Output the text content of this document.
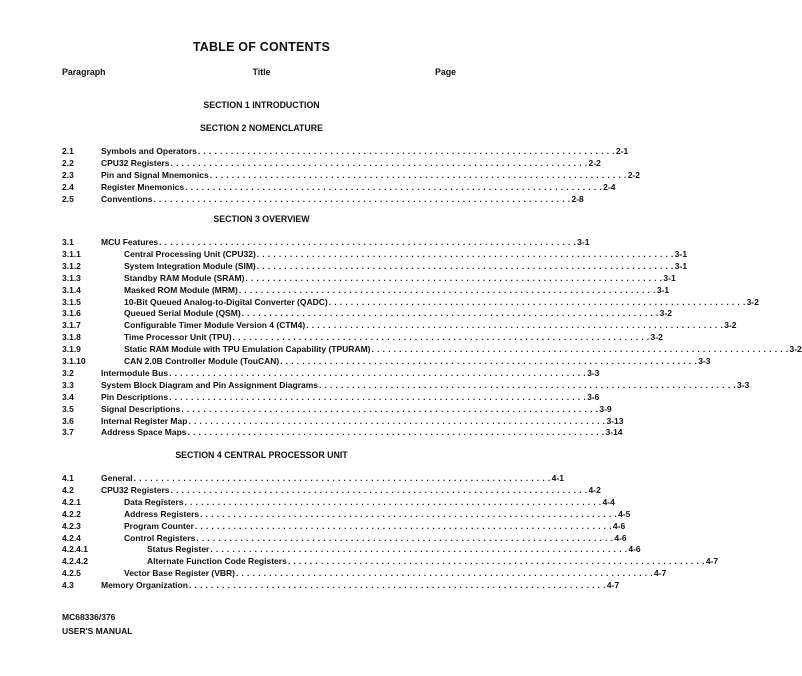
TABLE OF CONTENTS
Paragraph	Title	Page
SECTION 1 INTRODUCTION
SECTION 2 NOMENCLATURE
2.1	Symbols and Operators . . . . . . . . . . . . . . . . . . . . . . . . . . . . . . . . . . . . . . . . . . . . . . . . . . . . . . . . . . . . . . . . . . . . . . . . . . . . 2-1
2.2	CPU32 Registers . . . . . . . . . . . . . . . . . . . . . . . . . . . . . . . . . . . . . . . . . . . . . . . . . . . . . . . . . . . . . . . . . . . . . . . . . . . . 2-2
2.3	Pin and Signal Mnemonics . . . . . . . . . . . . . . . . . . . . . . . . . . . . . . . . . . . . . . . . . . . . . . . . . . . . . . . . . . . . . . . . . . . . . . . . . . . . 2-2
2.4	Register Mnemonics . . . . . . . . . . . . . . . . . . . . . . . . . . . . . . . . . . . . . . . . . . . . . . . . . . . . . . . . . . . . . . . . . . . . . . . . . . . . 2-4
2.5	Conventions . . . . . . . . . . . . . . . . . . . . . . . . . . . . . . . . . . . . . . . . . . . . . . . . . . . . . . . . . . . . . . . . . . . . . . . . . . . . 2-8
SECTION 3 OVERVIEW
3.1	MCU Features . . . . . . . . . . . . . . . . . . . . . . . . . . . . . . . . . . . . . . . . . . . . . . . . . . . . . . . . . . . . . . . . . . . . . . . . . . . . 3-1
3.1.1	Central Processing Unit (CPU32) . . . . . . . . . . . . . . . . . . . . . . . . . . . . . . . . . . . . . . . . . . . . . . . . . . . . . . . . . . . . . . . . . . . . . . . . . . . . 3-1
3.1.2	System Integration Module (SIM) . . . . . . . . . . . . . . . . . . . . . . . . . . . . . . . . . . . . . . . . . . . . . . . . . . . . . . . . . . . . . . . . . . . . . . . . . . . . 3-1
3.1.3	Standby RAM Module (SRAM) . . . . . . . . . . . . . . . . . . . . . . . . . . . . . . . . . . . . . . . . . . . . . . . . . . . . . . . . . . . . . . . . . . . . . . . . . . . . 3-1
3.1.4	Masked ROM Module (MRM) . . . . . . . . . . . . . . . . . . . . . . . . . . . . . . . . . . . . . . . . . . . . . . . . . . . . . . . . . . . . . . . . . . . . . . . . . . . . 3-1
3.1.5	10-Bit Queued Analog-to-Digital Converter (QADC) . . . . . . . . . . . . . . . . . . . . . . . . . . . . . . . . . . . . . . . . . . . . . . . . . . . . . . . . . . . . . . . . . . . . . . . . . . . . 3-2
3.1.6	Queued Serial Module (QSM) . . . . . . . . . . . . . . . . . . . . . . . . . . . . . . . . . . . . . . . . . . . . . . . . . . . . . . . . . . . . . . . . . . . . . . . . . . . . 3-2
3.1.7	Configurable Timer Module Version 4 (CTM4) . . . . . . . . . . . . . . . . . . . . . . . . . . . . . . . . . . . . . . . . . . . . . . . . . . . . . . . . . . . . . . . . . . . . . . . . . . . . 3-2
3.1.8	Time Processor Unit (TPU) . . . . . . . . . . . . . . . . . . . . . . . . . . . . . . . . . . . . . . . . . . . . . . . . . . . . . . . . . . . . . . . . . . . . . . . . . . . . 3-2
3.1.9	Static RAM Module with TPU Emulation Capability (TPURAM) . . . . . . . . . . . . . . . . . . . . . . . . . . . . . . . . . . . . . . . . . . . . . . . . . . . . . . . . . . . . . . . . . . . . . . . . . . . . 3-2
3.1.10	CAN 2.0B Controller Module (TouCAN) . . . . . . . . . . . . . . . . . . . . . . . . . . . . . . . . . . . . . . . . . . . . . . . . . . . . . . . . . . . . . . . . . . . . . . . . . . . . 3-3
3.2	Intermodule Bus . . . . . . . . . . . . . . . . . . . . . . . . . . . . . . . . . . . . . . . . . . . . . . . . . . . . . . . . . . . . . . . . . . . . . . . . . . . . 3-3
3.3	System Block Diagram and Pin Assignment Diagrams . . . . . . . . . . . . . . . . . . . . . . . . . . . . . . . . . . . . . . . . . . . . . . . . . . . . . . . . . . . . . . . . . . . . . . . . . . . . 3-3
3.4	Pin Descriptions . . . . . . . . . . . . . . . . . . . . . . . . . . . . . . . . . . . . . . . . . . . . . . . . . . . . . . . . . . . . . . . . . . . . . . . . . . . . 3-6
3.5	Signal Descriptions . . . . . . . . . . . . . . . . . . . . . . . . . . . . . . . . . . . . . . . . . . . . . . . . . . . . . . . . . . . . . . . . . . . . . . . . . . . . 3-9
3.6	Internal Register Map . . . . . . . . . . . . . . . . . . . . . . . . . . . . . . . . . . . . . . . . . . . . . . . . . . . . . . . . . . . . . . . . . . . . . . . . . . . . 3-13
3.7	Address Space Maps . . . . . . . . . . . . . . . . . . . . . . . . . . . . . . . . . . . . . . . . . . . . . . . . . . . . . . . . . . . . . . . . . . . . . . . . . . . . 3-14
SECTION 4 CENTRAL PROCESSOR UNIT
4.1	General . . . . . . . . . . . . . . . . . . . . . . . . . . . . . . . . . . . . . . . . . . . . . . . . . . . . . . . . . . . . . . . . . . . . . . . . . . . . 4-1
4.2	CPU32 Registers . . . . . . . . . . . . . . . . . . . . . . . . . . . . . . . . . . . . . . . . . . . . . . . . . . . . . . . . . . . . . . . . . . . . . . . . . . . . 4-2
4.2.1	Data Registers . . . . . . . . . . . . . . . . . . . . . . . . . . . . . . . . . . . . . . . . . . . . . . . . . . . . . . . . . . . . . . . . . . . . . . . . . . . . 4-4
4.2.2	Address Registers . . . . . . . . . . . . . . . . . . . . . . . . . . . . . . . . . . . . . . . . . . . . . . . . . . . . . . . . . . . . . . . . . . . . . . . . . . . . 4-5
4.2.3	Program Counter . . . . . . . . . . . . . . . . . . . . . . . . . . . . . . . . . . . . . . . . . . . . . . . . . . . . . . . . . . . . . . . . . . . . . . . . . . . . 4-6
4.2.4	Control Registers . . . . . . . . . . . . . . . . . . . . . . . . . . . . . . . . . . . . . . . . . . . . . . . . . . . . . . . . . . . . . . . . . . . . . . . . . . . . 4-6
4.2.4.1	Status Register . . . . . . . . . . . . . . . . . . . . . . . . . . . . . . . . . . . . . . . . . . . . . . . . . . . . . . . . . . . . . . . . . . . . . . . . . . . . 4-6
4.2.4.2	Alternate Function Code Registers . . . . . . . . . . . . . . . . . . . . . . . . . . . . . . . . . . . . . . . . . . . . . . . . . . . . . . . . . . . . . . . . . . . . . . . . . . . . 4-7
4.2.5	Vector Base Register (VBR) . . . . . . . . . . . . . . . . . . . . . . . . . . . . . . . . . . . . . . . . . . . . . . . . . . . . . . . . . . . . . . . . . . . . . . . . . . . . 4-7
4.3	Memory Organization . . . . . . . . . . . . . . . . . . . . . . . . . . . . . . . . . . . . . . . . . . . . . . . . . . . . . . . . . . . . . . . . . . . . . . . . . . . . 4-7
MC68336/376
USER'S MANUAL
